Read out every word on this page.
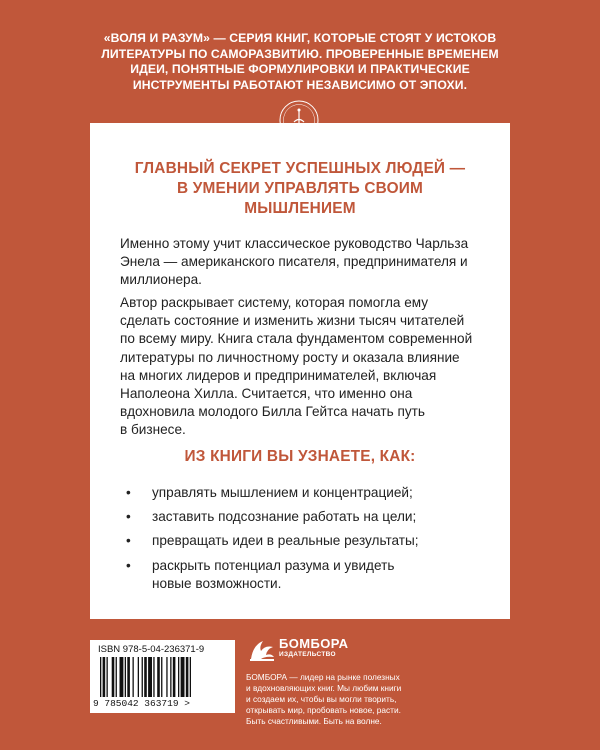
«ВОЛЯ И РАЗУМ» — СЕРИЯ КНИГ, КОТОРЫЕ СТОЯТ У ИСТОКОВ
ЛИТЕРАТУРЫ ПО САМОРАЗВИТИЮ. ПРОВЕРЕННЫЕ ВРЕМЕНЕМ
ИДЕИ, ПОНЯТНЫЕ ФОРМУЛИРОВКИ И ПРАКТИЧЕСКИЕ
ИНСТРУМЕНТЫ РАБОТАЮТ НЕЗАВИСИМО ОТ ЭПОХИ.
ГЛАВНЫЙ СЕКРЕТ УСПЕШНЫХ ЛЮДЕЙ —
В УМЕНИИ УПРАВЛЯТЬ СВОИМ
МЫШЛЕНИЕМ
Именно этому учит классическое руководство Чарльза
Энела — американского писателя, предпринимателя и
миллионера.
Автор раскрывает систему, которая помогла ему
сделать состояние и изменить жизни тысяч читателей
по всему миру. Книга стала фундаментом современной
литературы по личностному росту и оказала влияние
на многих лидеров и предпринимателей, включая
Наполеона Хилла. Считается, что именно она
вдохновила молодого Билла Гейтса начать путь
в бизнесе.
ИЗ КНИГИ ВЫ УЗНАЕТЕ, КАК:
• управлять мышлением и концентрацией;
• заставить подсознание работать на цели;
• превращать идеи в реальные результаты;
• раскрыть потенциал разума и увидеть
новые возможности.
ISBN 978-5-04-236371-9
9 785042 363719 >
БОМБОРА
ИЗДАТЕЛЬСТВО
БОМБОРА — лидер на рынке полезных
и вдохновляющих книг. Мы любим книги
и создаем их, чтобы вы могли творить,
открывать мир, пробовать новое, расти.
Быть счастливыми. Быть на волне.
